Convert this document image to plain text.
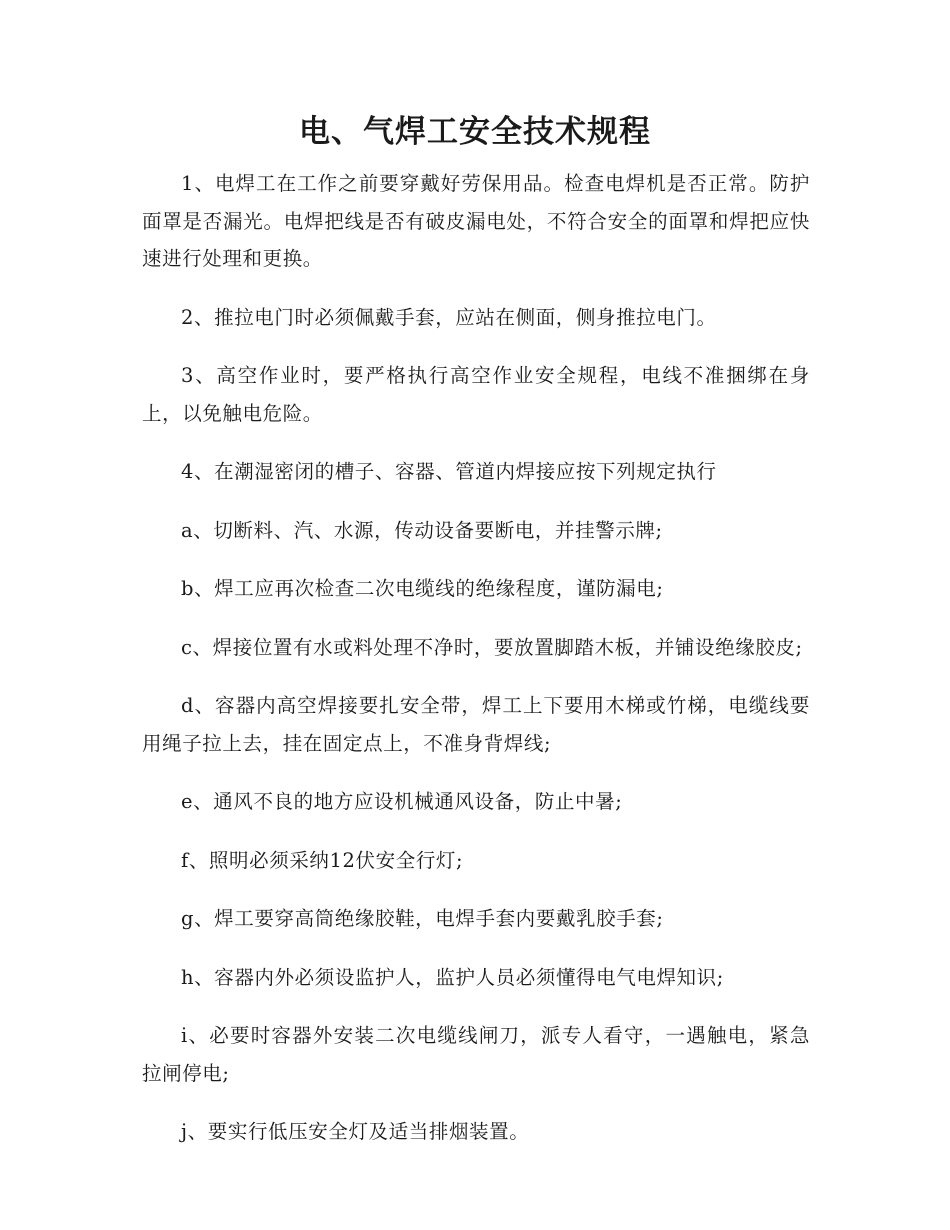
电、气焊工安全技术规程

1、电焊工在工作之前要穿戴好劳保用品。检查电焊机是否正常。防护面罩是否漏光。电焊把线是否有破皮漏电处，不符合安全的面罩和焊把应快速进行处理和更换。

2、推拉电门时必须佩戴手套，应站在侧面，侧身推拉电门。

3、高空作业时，要严格执行高空作业安全规程，电线不准捆绑在身上，以免触电危险。

4、在潮湿密闭的槽子、容器、管道内焊接应按下列规定执行

a、切断料、汽、水源，传动设备要断电，并挂警示牌;

b、焊工应再次检查二次电缆线的绝缘程度，谨防漏电;

c、焊接位置有水或料处理不净时，要放置脚踏木板，并铺设绝缘胶皮;

d、容器内高空焊接要扎安全带，焊工上下要用木梯或竹梯，电缆线要用绳子拉上去，挂在固定点上，不准身背焊线;

e、通风不良的地方应设机械通风设备，防止中暑;

f、照明必须采纳12伏安全行灯;

g、焊工要穿高筒绝缘胶鞋，电焊手套内要戴乳胶手套;

h、容器内外必须设监护人，监护人员必须懂得电气电焊知识;

i、必要时容器外安装二次电缆线闸刀，派专人看守，一遇触电，紧急拉闸停电;

j、要实行低压安全灯及适当排烟装置。
